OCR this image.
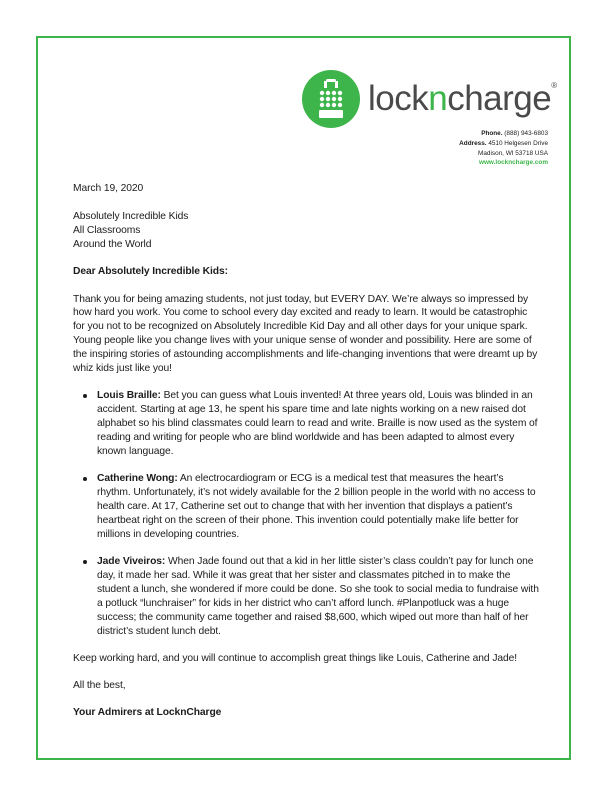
lockncharge®
Phone. (888) 943-6803
Address. 4510 Helgesen Drive
Madison, WI 53718 USA
www.lockncharge.com

March 19, 2020

Absolutely Incredible Kids

All Classrooms

Around the World

Dear Absolutely Incredible Kids:

Thank you for being amazing students, not just today, but EVERY DAY. We’re always so impressed by how hard you work. You come to school every day excited and ready to learn. It would be catastrophic for you not to be recognized on Absolutely Incredible Kid Day and all other days for your unique spark. Young people like you change lives with your unique sense of wonder and possibility. Here are some of the inspiring stories of astounding accomplishments and life-changing inventions that were dreamt up by whiz kids just like you!

Louis Braille: Bet you can guess what Louis invented! At three years old, Louis was blinded in an accident. Starting at age 13, he spent his spare time and late nights working on a new raised dot alphabet so his blind classmates could learn to read and write. Braille is now used as the system of reading and writing for people who are blind worldwide and has been adapted to almost every known language.
Catherine Wong: An electrocardiogram or ECG is a medical test that measures the heart’s rhythm. Unfortunately, it’s not widely available for the 2 billion people in the world with no access to health care. At 17, Catherine set out to change that with her invention that displays a patient’s heartbeat right on the screen of their phone. This invention could potentially make life better for millions in developing countries.
Jade Viveiros: When Jade found out that a kid in her little sister’s class couldn’t pay for lunch one day, it made her sad. While it was great that her sister and classmates pitched in to make the student a lunch, she wondered if more could be done. So she took to social media to fundraise with a potluck “lunchraiser” for kids in her district who can’t afford lunch. #Planpotluck was a huge success; the community came together and raised $8,600, which wiped out more than half of her district’s student lunch debt.

Keep working hard, and you will continue to accomplish great things like Louis, Catherine and Jade!

All the best,

Your Admirers at LocknCharge
